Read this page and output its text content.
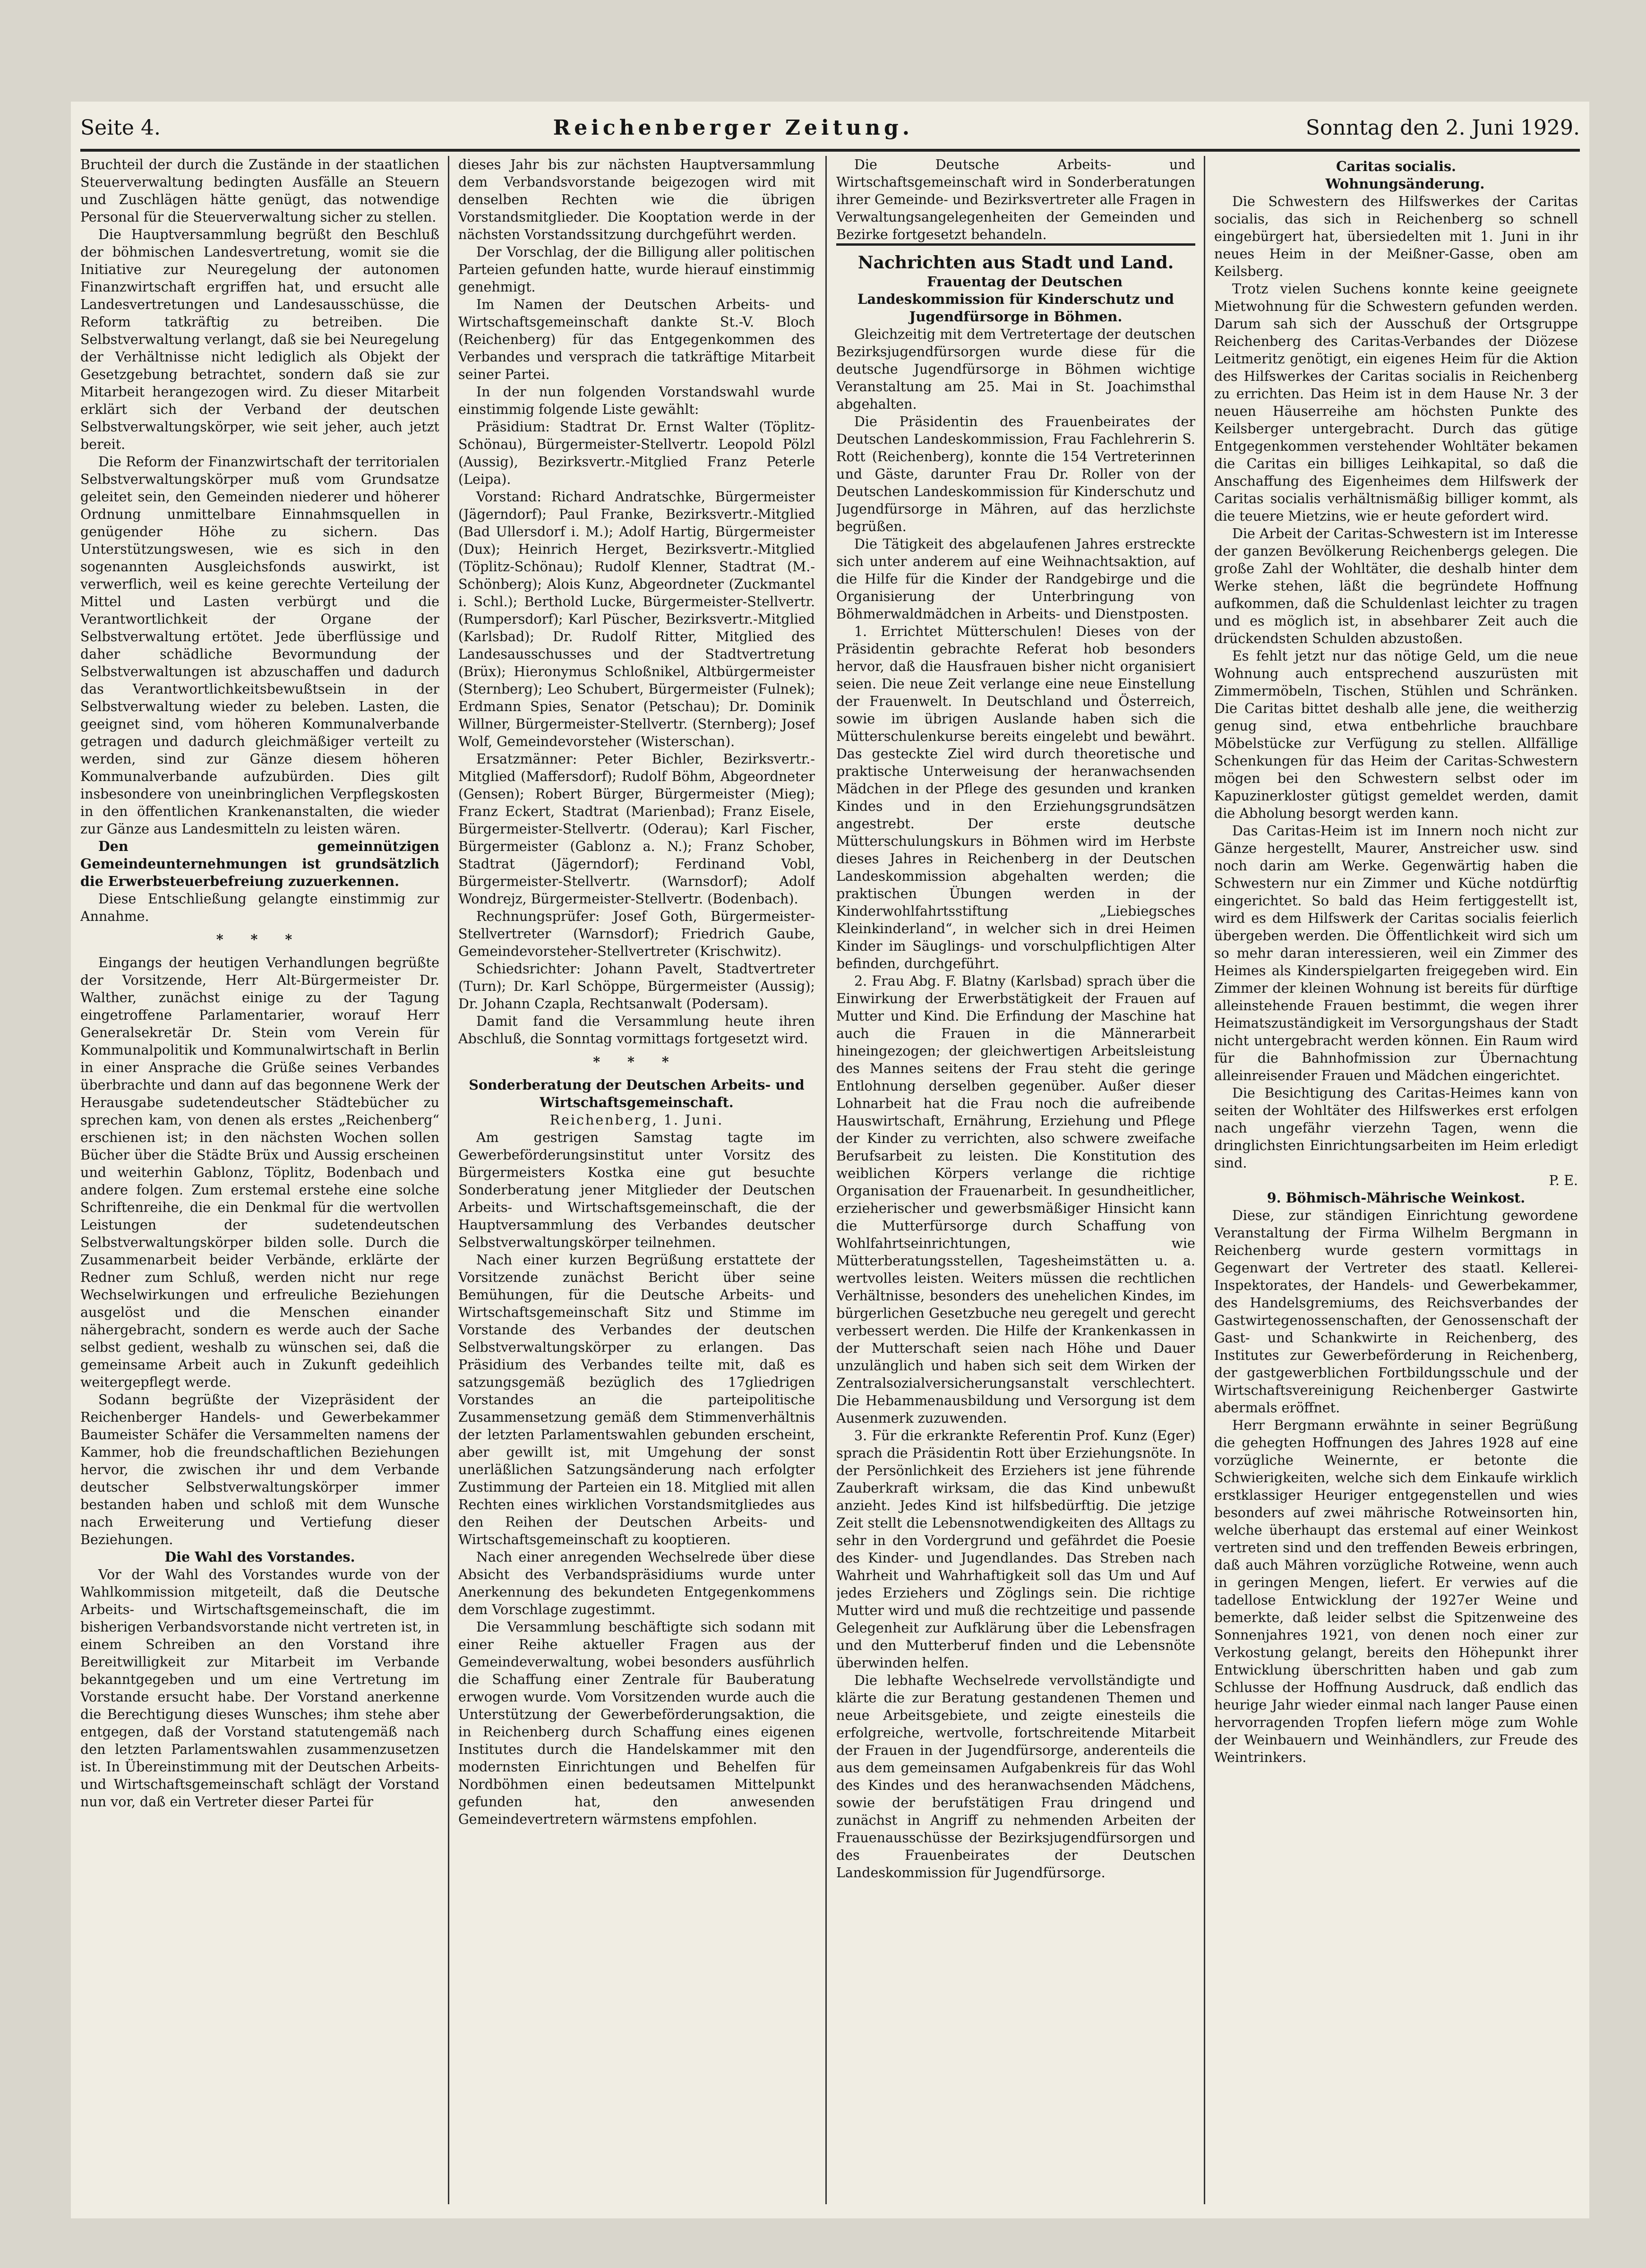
Seite 4.	Reichenberger Zeitung.	Sonntag den 2. Juni 1929.

Bruchteil der durch die Zustände in der staatlichen Steuerverwaltung bedingten Ausfälle an Steuern und Zuschlägen hätte genügt, das notwendige Personal für die Steuerverwaltung sicher zu stellen.

Die Hauptversammlung begrüßt den Beschluß der böhmischen Landesvertretung, womit sie die Initiative zur Neuregelung der autonomen Finanzwirtschaft ergriffen hat, und ersucht alle Landesvertretungen und Landesausschüsse, die Reform tatkräftig zu betreiben. Die Selbstverwaltung verlangt, daß sie bei Neuregelung der Verhältnisse nicht lediglich als Objekt der Gesetzgebung betrachtet, sondern daß sie zur Mitarbeit herangezogen wird. Zu dieser Mitarbeit erklärt sich der Verband der deutschen Selbstverwaltungskörper, wie seit jeher, auch jetzt bereit.

Die Reform der Finanzwirtschaft der territorialen Selbstverwaltungskörper muß vom Grundsatze geleitet sein, den Gemeinden niederer und höherer Ordnung unmittelbare Einnahmsquellen in genügender Höhe zu sichern. Das Unterstützungswesen, wie es sich in den sogenannten Ausgleichsfonds auswirkt, ist verwerflich, weil es keine gerechte Verteilung der Mittel und Lasten verbürgt und die Verantwortlichkeit der Organe der Selbstverwaltung ertötet. Jede überflüssige und daher schädliche Bevormundung der Selbstverwaltungen ist abzuschaffen und dadurch das Verantwortlichkeitsbewußtsein in der Selbstverwaltung wieder zu beleben. Lasten, die geeignet sind, vom höheren Kommunalverbande getragen und dadurch gleichmäßiger verteilt zu werden, sind zur Gänze diesem höheren Kommunalverbande aufzubürden. Dies gilt insbesondere von uneinbringlichen Verpflegskosten in den öffentlichen Krankenanstalten, die wieder zur Gänze aus Landesmitteln zu leisten wären.

Den gemeinnützigen Gemeindeunternehmungen ist grundsätzlich die Erwerbsteuerbefreiung zuzuerkennen.

Diese Entschließung gelangte einstimmig zur Annahme.

* * *

Eingangs der heutigen Verhandlungen begrüßte der Vorsitzende, Herr Alt-Bürgermeister Dr. Walther, zunächst einige zu der Tagung eingetroffene Parlamentarier, worauf Herr Generalsekretär Dr. Stein vom Verein für Kommunalpolitik und Kommunalwirtschaft in Berlin in einer Ansprache die Grüße seines Verbandes überbrachte und dann auf das begonnene Werk der Herausgabe sudetendeutscher Städtebücher zu sprechen kam, von denen als erstes „Reichenberg“ erschienen ist; in den nächsten Wochen sollen Bücher über die Städte Brüx und Aussig erscheinen und weiterhin Gablonz, Töplitz, Bodenbach und andere folgen. Zum erstemal erstehe eine solche Schriftenreihe, die ein Denkmal für die wertvollen Leistungen der sudetendeutschen Selbstverwaltungskörper bilden solle. Durch die Zusammenarbeit beider Verbände, erklärte der Redner zum Schluß, werden nicht nur rege Wechselwirkungen und erfreuliche Beziehungen ausgelöst und die Menschen einander nähergebracht, sondern es werde auch der Sache selbst gedient, weshalb zu wünschen sei, daß die gemeinsame Arbeit auch in Zukunft gedeihlich weitergepflegt werde.

Sodann begrüßte der Vizepräsident der Reichenberger Handels- und Gewerbekammer Baumeister Schäfer die Versammelten namens der Kammer, hob die freundschaftlichen Beziehungen hervor, die zwischen ihr und dem Verbande deutscher Selbstverwaltungskörper immer bestanden haben und schloß mit dem Wunsche nach Erweiterung und Vertiefung dieser Beziehungen.

Die Wahl des Vorstandes.

Vor der Wahl des Vorstandes wurde von der Wahlkommission mitgeteilt, daß die Deutsche Arbeits- und Wirtschaftsgemeinschaft, die im bisherigen Verbandsvorstande nicht vertreten ist, in einem Schreiben an den Vorstand ihre Bereitwilligkeit zur Mitarbeit im Verbande bekanntgegeben und um eine Vertretung im Vorstande ersucht habe. Der Vorstand anerkenne die Berechtigung dieses Wunsches; ihm stehe aber entgegen, daß der Vorstand statutengemäß nach den letzten Parlamentswahlen zusammenzusetzen ist. In Übereinstimmung mit der Deutschen Arbeits- und Wirtschaftsgemeinschaft schlägt der Vorstand nun vor, daß ein Vertreter dieser Partei für

dieses Jahr bis zur nächsten Hauptversammlung dem Verbandsvorstande beigezogen wird mit denselben Rechten wie die übrigen Vorstandsmitglieder. Die Kooptation werde in der nächsten Vorstandssitzung durchgeführt werden.

Der Vorschlag, der die Billigung aller politischen Parteien gefunden hatte, wurde hierauf einstimmig genehmigt.

Im Namen der Deutschen Arbeits- und Wirtschaftsgemeinschaft dankte St.-V. Bloch (Reichenberg) für das Entgegenkommen des Verbandes und versprach die tatkräftige Mitarbeit seiner Partei.

In der nun folgenden Vorstandswahl wurde einstimmig folgende Liste gewählt:

Präsidium: Stadtrat Dr. Ernst Walter (Töplitz-Schönau), Bürgermeister-Stellvertr. Leopold Pölzl (Aussig), Bezirksvertr.-Mitglied Franz Peterle (Leipa).

Vorstand: Richard Andratschke, Bürgermeister (Jägerndorf); Paul Franke, Bezirksvertr.-Mitglied (Bad Ullersdorf i. M.); Adolf Hartig, Bürgermeister (Dux); Heinrich Herget, Bezirksvertr.-Mitglied (Töplitz-Schönau); Rudolf Klenner, Stadtrat (M.-Schönberg); Alois Kunz, Abgeordneter (Zuckmantel i. Schl.); Berthold Lucke, Bürgermeister-Stellvertr. (Rumpersdorf); Karl Püscher, Bezirksvertr.-Mitglied (Karlsbad); Dr. Rudolf Ritter, Mitglied des Landesausschusses und der Stadtvertretung (Brüx); Hieronymus Schloßnikel, Altbürgermeister (Sternberg); Leo Schubert, Bürgermeister (Fulnek); Erdmann Spies, Senator (Petschau); Dr. Dominik Willner, Bürgermeister-Stellvertr. (Sternberg); Josef Wolf, Gemeindevorsteher (Wisterschan).

Ersatzmänner: Peter Bichler, Bezirksvertr.-Mitglied (Maffersdorf); Rudolf Böhm, Abgeordneter (Gensen); Robert Bürger, Bürgermeister (Mieg); Franz Eckert, Stadtrat (Marienbad); Franz Eisele, Bürgermeister-Stellvertr. (Oderau); Karl Fischer, Bürgermeister (Gablonz a. N.); Franz Schober, Stadtrat (Jägerndorf); Ferdinand Vobl, Bürgermeister-Stellvertr. (Warnsdorf); Adolf Wondrejz, Bürgermeister-Stellvertr. (Bodenbach).

Rechnungsprüfer: Josef Goth, Bürgermeister-Stellvertreter (Warnsdorf); Friedrich Gaube, Gemeindevorsteher-Stellvertreter (Krischwitz).

Schiedsrichter: Johann Pavelt, Stadtvertreter (Turn); Dr. Karl Schöppe, Bürgermeister (Aussig); Dr. Johann Czapla, Rechtsanwalt (Podersam).

Damit fand die Versammlung heute ihren Abschluß, die Sonntag vormittags fortgesetzt wird.

* * *

Sonderberatung der Deutschen Arbeits- und Wirtschaftsgemeinschaft.

Reichenberg, 1. Juni.

Am gestrigen Samstag tagte im Gewerbeförderungsinstitut unter Vorsitz des Bürgermeisters Kostka eine gut besuchte Sonderberatung jener Mitglieder der Deutschen Arbeits- und Wirtschaftsgemeinschaft, die der Hauptversammlung des Verbandes deutscher Selbstverwaltungskörper teilnehmen.

Nach einer kurzen Begrüßung erstattete der Vorsitzende zunächst Bericht über seine Bemühungen, für die Deutsche Arbeits- und Wirtschaftsgemeinschaft Sitz und Stimme im Vorstande des Verbandes der deutschen Selbstverwaltungskörper zu erlangen. Das Präsidium des Verbandes teilte mit, daß es satzungsgemäß bezüglich des 17gliedrigen Vorstandes an die parteipolitische Zusammensetzung gemäß dem Stimmenverhältnis der letzten Parlamentswahlen gebunden erscheint, aber gewillt ist, mit Umgehung der sonst unerläßlichen Satzungsänderung nach erfolgter Zustimmung der Parteien ein 18. Mitglied mit allen Rechten eines wirklichen Vorstandsmitgliedes aus den Reihen der Deutschen Arbeits- und Wirtschaftsgemeinschaft zu kooptieren.

Nach einer anregenden Wechselrede über diese Absicht des Verbandspräsidiums wurde unter Anerkennung des bekundeten Entgegenkommens dem Vorschlage zugestimmt.

Die Versammlung beschäftigte sich sodann mit einer Reihe aktueller Fragen aus der Gemeindeverwaltung, wobei besonders ausführlich die Schaffung einer Zentrale für Bauberatung erwogen wurde. Vom Vorsitzenden wurde auch die Unterstützung der Gewerbeförderungsaktion, die in Reichenberg durch Schaffung eines eigenen Institutes durch die Handelskammer mit den modernsten Einrichtungen und Behelfen für Nordböhmen einen bedeutsamen Mittelpunkt gefunden hat, den anwesenden Gemeindevertretern wärmstens empfohlen.

Die Deutsche Arbeits- und Wirtschaftsgemeinschaft wird in Sonderberatungen ihrer Gemeinde- und Bezirksvertreter alle Fragen in Verwaltungsangelegenheiten der Gemeinden und Bezirke fortgesetzt behandeln.

Nachrichten aus Stadt und Land.

Frauentag der Deutschen Landeskommission für Kinderschutz und Jugendfürsorge in Böhmen.

Gleichzeitig mit dem Vertretertage der deutschen Bezirksjugendfürsorgen wurde diese für die deutsche Jugendfürsorge in Böhmen wichtige Veranstaltung am 25. Mai in St. Joachimsthal abgehalten.

Die Präsidentin des Frauenbeirates der Deutschen Landeskommission, Frau Fachlehrerin S. Rott (Reichenberg), konnte die 154 Vertreterinnen und Gäste, darunter Frau Dr. Roller von der Deutschen Landeskommission für Kinderschutz und Jugendfürsorge in Mähren, auf das herzlichste begrüßen.

Die Tätigkeit des abgelaufenen Jahres erstreckte sich unter anderem auf eine Weihnachtsaktion, auf die Hilfe für die Kinder der Randgebirge und die Organisierung der Unterbringung von Böhmerwaldmädchen in Arbeits- und Dienstposten.

1. Errichtet Mütterschulen! Dieses von der Präsidentin gebrachte Referat hob besonders hervor, daß die Hausfrauen bisher nicht organisiert seien. Die neue Zeit verlange eine neue Einstellung der Frauenwelt. In Deutschland und Österreich, sowie im übrigen Auslande haben sich die Mütterschulenkurse bereits eingelebt und bewährt. Das gesteckte Ziel wird durch theoretische und praktische Unterweisung der heranwachsenden Mädchen in der Pflege des gesunden und kranken Kindes und in den Erziehungsgrundsätzen angestrebt. Der erste deutsche Mütterschulungskurs in Böhmen wird im Herbste dieses Jahres in Reichenberg in der Deutschen Landeskommission abgehalten werden; die praktischen Übungen werden in der Kinderwohlfahrtsstiftung „Liebiegsches Kleinkinderland“, in welcher sich in drei Heimen Kinder im Säuglings- und vorschulpflichtigen Alter befinden, durchgeführt.

2. Frau Abg. F. Blatny (Karlsbad) sprach über die Einwirkung der Erwerbstätigkeit der Frauen auf Mutter und Kind. Die Erfindung der Maschine hat auch die Frauen in die Männerarbeit hineingezogen; der gleichwertigen Arbeitsleistung des Mannes seitens der Frau steht die geringe Entlohnung derselben gegenüber. Außer dieser Lohnarbeit hat die Frau noch die aufreibende Hauswirtschaft, Ernährung, Erziehung und Pflege der Kinder zu verrichten, also schwere zweifache Berufsarbeit zu leisten. Die Konstitution des weiblichen Körpers verlange die richtige Organisation der Frauenarbeit. In gesundheitlicher, erzieherischer und gewerbsmäßiger Hinsicht kann die Mutterfürsorge durch Schaffung von Wohlfahrtseinrichtungen, wie Mütterberatungsstellen, Tagesheimstätten u. a. wertvolles leisten. Weiters müssen die rechtlichen Verhältnisse, besonders des unehelichen Kindes, im bürgerlichen Gesetzbuche neu geregelt und gerecht verbessert werden. Die Hilfe der Krankenkassen in der Mutterschaft seien nach Höhe und Dauer unzulänglich und haben sich seit dem Wirken der Zentralsozialversicherungsanstalt verschlechtert. Die Hebammenausbildung und Versorgung ist dem Ausenmerk zuzuwenden.

3. Für die erkrankte Referentin Prof. Kunz (Eger) sprach die Präsidentin Rott über Erziehungsnöte. In der Persönlichkeit des Erziehers ist jene führende Zauberkraft wirksam, die das Kind unbewußt anzieht. Jedes Kind ist hilfsbedürftig. Die jetzige Zeit stellt die Lebensnotwendigkeiten des Alltags zu sehr in den Vordergrund und gefährdet die Poesie des Kinder- und Jugendlandes. Das Streben nach Wahrheit und Wahrhaftigkeit soll das Um und Auf jedes Erziehers und Zöglings sein. Die richtige Mutter wird und muß die rechtzeitige und passende Gelegenheit zur Aufklärung über die Lebensfragen und den Mutterberuf finden und die Lebensnöte überwinden helfen.

Die lebhafte Wechselrede vervollständigte und klärte die zur Beratung gestandenen Themen und neue Arbeitsgebiete, und zeigte einesteils die erfolgreiche, wertvolle, fortschreitende Mitarbeit der Frauen in der Jugendfürsorge, anderenteils die aus dem gemeinsamen Aufgabenkreis für das Wohl des Kindes und des heranwachsenden Mädchens, sowie der berufstätigen Frau dringend und zunächst in Angriff zu nehmenden Arbeiten der Frauenausschüsse der Bezirksjugendfürsorgen und des Frauenbeirates der Deutschen Landeskommission für Jugendfürsorge.

Caritas socialis.

Wohnungsänderung.

Die Schwestern des Hilfswerkes der Caritas socialis, das sich in Reichenberg so schnell eingebürgert hat, übersiedelten mit 1. Juni in ihr neues Heim in der Meißner-Gasse, oben am Keilsberg.

Trotz vielen Suchens konnte keine geeignete Mietwohnung für die Schwestern gefunden werden. Darum sah sich der Ausschuß der Ortsgruppe Reichenberg des Caritas-Verbandes der Diözese Leitmeritz genötigt, ein eigenes Heim für die Aktion des Hilfswerkes der Caritas socialis in Reichenberg zu errichten. Das Heim ist in dem Hause Nr. 3 der neuen Häuserreihe am höchsten Punkte des Keilsberger untergebracht. Durch das gütige Entgegenkommen verstehender Wohltäter bekamen die Caritas ein billiges Leihkapital, so daß die Anschaffung des Eigenheimes dem Hilfswerk der Caritas socialis verhältnismäßig billiger kommt, als die teuere Mietzins, wie er heute gefordert wird.

Die Arbeit der Caritas-Schwestern ist im Interesse der ganzen Bevölkerung Reichenbergs gelegen. Die große Zahl der Wohltäter, die deshalb hinter dem Werke stehen, läßt die begründete Hoffnung aufkommen, daß die Schuldenlast leichter zu tragen und es möglich ist, in absehbarer Zeit auch die drückendsten Schulden abzustoßen.

Es fehlt jetzt nur das nötige Geld, um die neue Wohnung auch entsprechend auszurüsten mit Zimmermöbeln, Tischen, Stühlen und Schränken. Die Caritas bittet deshalb alle jene, die weitherzig genug sind, etwa entbehrliche brauchbare Möbelstücke zur Verfügung zu stellen. Allfällige Schenkungen für das Heim der Caritas-Schwestern mögen bei den Schwestern selbst oder im Kapuzinerkloster gütigst gemeldet werden, damit die Abholung besorgt werden kann.

Das Caritas-Heim ist im Innern noch nicht zur Gänze hergestellt, Maurer, Anstreicher usw. sind noch darin am Werke. Gegenwärtig haben die Schwestern nur ein Zimmer und Küche notdürftig eingerichtet. So bald das Heim fertiggestellt ist, wird es dem Hilfswerk der Caritas socialis feierlich übergeben werden. Die Öffentlichkeit wird sich um so mehr daran interessieren, weil ein Zimmer des Heimes als Kinderspielgarten freigegeben wird. Ein Zimmer der kleinen Wohnung ist bereits für dürftige alleinstehende Frauen bestimmt, die wegen ihrer Heimatszuständigkeit im Versorgungshaus der Stadt nicht untergebracht werden können. Ein Raum wird für die Bahnhofmission zur Übernachtung alleinreisender Frauen und Mädchen eingerichtet.

Die Besichtigung des Caritas-Heimes kann von seiten der Wohltäter des Hilfswerkes erst erfolgen nach ungefähr vierzehn Tagen, wenn die dringlichsten Einrichtungsarbeiten im Heim erledigt sind.

P. E.

9. Böhmisch-Mährische Weinkost.

Diese, zur ständigen Einrichtung gewordene Veranstaltung der Firma Wilhelm Bergmann in Reichenberg wurde gestern vormittags in Gegenwart der Vertreter des staatl. Kellerei-Inspektorates, der Handels- und Gewerbekammer, des Handelsgremiums, des Reichsverbandes der Gastwirtegenossenschaften, der Genossenschaft der Gast- und Schankwirte in Reichenberg, des Institutes zur Gewerbeförderung in Reichenberg, der gastgewerblichen Fortbildungsschule und der Wirtschaftsvereinigung Reichenberger Gastwirte abermals eröffnet.

Herr Bergmann erwähnte in seiner Begrüßung die gehegten Hoffnungen des Jahres 1928 auf eine vorzügliche Weinernte, er betonte die Schwierigkeiten, welche sich dem Einkaufe wirklich erstklassiger Heuriger entgegenstellen und wies besonders auf zwei mährische Rotweinsorten hin, welche überhaupt das erstemal auf einer Weinkost vertreten sind und den treffenden Beweis erbringen, daß auch Mähren vorzügliche Rotweine, wenn auch in geringen Mengen, liefert. Er verwies auf die tadellose Entwicklung der 1927er Weine und bemerkte, daß leider selbst die Spitzenweine des Sonnenjahres 1921, von denen noch einer zur Verkostung gelangt, bereits den Höhepunkt ihrer Entwicklung überschritten haben und gab zum Schlusse der Hoffnung Ausdruck, daß endlich das heurige Jahr wieder einmal nach langer Pause einen hervorragenden Tropfen liefern möge zum Wohle der Weinbauern und Weinhändlers, zur Freude des Weintrinkers.
